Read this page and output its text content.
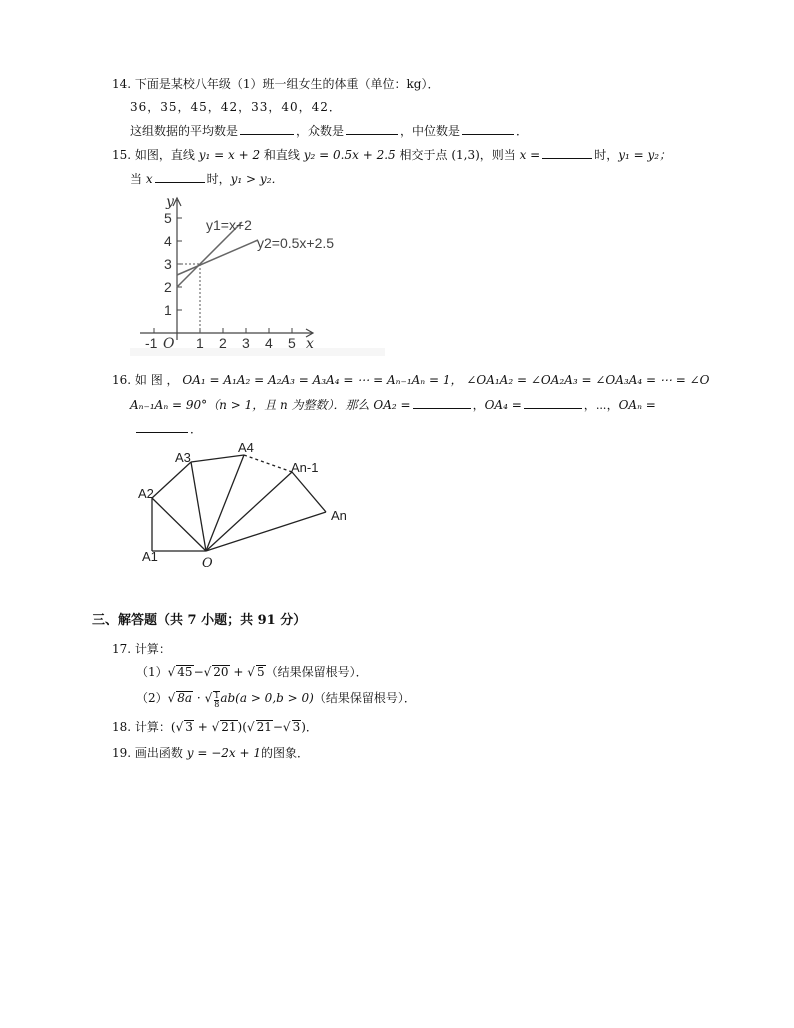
14. 下面是某校八年级（1）班一组女生的体重（单位：kg）．
36，35，45，42，33，40，42．
这组数据的平均数是	，众数是	，中位数是	．
15. 如图，直线 y₁ = x + 2 和直线 y₂ = 0.5x + 2.5 相交于点 (1,3)，则当 x =	时，y₁ = y₂；
当 x	时，y₁ > y₂．
y1=x+2
y2=0.5x+2.5
y
x
5
4
3
2
1
-1 O 1 2 3 4 5
16. 如 图 ， OA₁ = A₁A₂ = A₂A₃ = A₃A₄ = ⋯ = Aₙ₋₁Aₙ = 1， ∠OA₁A₂ = ∠OA₂A₃ = ∠OA₃A₄ = ⋯ = ∠O
Aₙ₋₁Aₙ = 90°（n > 1，且 n 为整数）．那么 OA₂ =	，OA₄ =	，⋯，OAₙ =
．
A1
A2
A3
A4
An-1
An
O
三、解答题（共 7 小题；共 91 分）
17. 计算：
（1）√ 45−√ 20 + √ 5（结果保留根号）．
（2）√ 8a · √ $\frac{1}{8} ab(a > 0,b > 0)$（结果保留根号）．
18. 计算：(√ 3 + √ 21)(√ 21−√ 3)．
19. 画出函数 y = −2x + 1的图象．
